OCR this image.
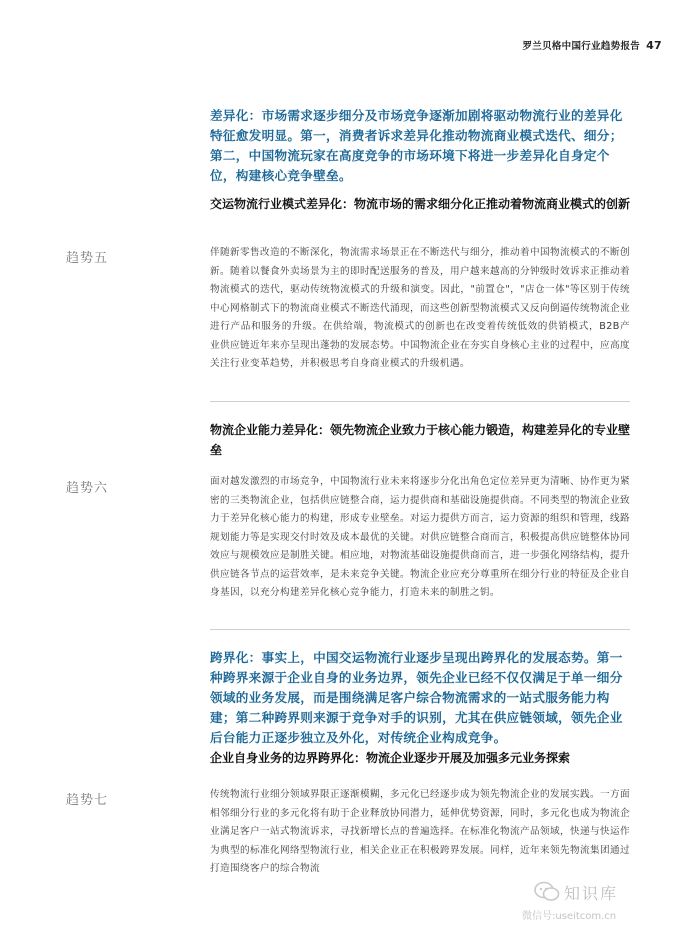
罗兰贝格中国行业趋势报告 47
差异化：市场需求逐步细分及市场竞争逐渐加剧将驱动物流行业的差异化特征愈发明显。第一，消费者诉求差异化推动物流商业模式迭代、细分；第二，中国物流玩家在高度竞争的市场环境下将进一步差异化自身定个位，构建核心竞争壁垒。
交运物流行业模式差异化：物流市场的需求细分化正推动着物流商业模式的创新
趋势五	伴随新零售改造的不断深化，物流需求场景正在不断迭代与细分，推动着中国物流模式的不断创新。随着以餐食外卖场景为主的即时配送服务的普及，用户越来越高的分钟级时效诉求正推动着物流模式的迭代，驱动传统物流模式的升级和演变。因此，"前置仓"，"店仓一体"等区别于传统中心网格制式下的物流商业模式不断迭代涌现，而这些创新型物流模式又反向倒逼传统物流企业进行产品和服务的升级。在供给端，物流模式的创新也在改变着传统低效的供销模式，B2B产业供应链近年来亦呈现出蓬勃的发展态势。中国物流企业在夯实自身核心主业的过程中，应高度关注行业变革趋势，并积极思考自身商业模式的升级机遇。
物流企业能力差异化：领先物流企业致力于核心能力锻造，构建差异化的专业壁垒
趋势六	面对越发激烈的市场竞争，中国物流行业未来将逐步分化出角色定位差异更为清晰、协作更为紧密的三类物流企业，包括供应链整合商，运力提供商和基础设施提供商。不同类型的物流企业致力于差异化核心能力的构建，形成专业壁垒。对运力提供方而言，运力资源的组织和管理，线路规划能力等是实现交付时效及成本最优的关键。对供应链整合商而言，积极提高供应链整体协同效应与规模效应是制胜关键。相应地，对物流基础设施提供商而言，进一步强化网络结构，提升供应链各节点的运营效率，是未来竞争关键。物流企业应充分尊重所在细分行业的特征及企业自身基因，以充分构建差异化核心竞争能力，打造未来的制胜之钥。
跨界化：事实上，中国交运物流行业逐步呈现出跨界化的发展态势。第一种跨界来源于企业自身的业务边界，领先企业已经不仅仅满足于单一细分领域的业务发展，而是围绕满足客户综合物流需求的一站式服务能力构建；第二种跨界则来源于竞争对手的识别，尤其在供应链领域，领先企业后台能力正逐步独立及外化，对传统企业构成竞争。
企业自身业务的边界跨界化：物流企业逐步开展及加强多元业务探索
趋势七	传统物流行业细分领域界限正逐渐模糊，多元化已经逐步成为领先物流企业的发展实践。一方面相邻细分行业的多元化将有助于企业释放协同潜力，延伸优势资源，同时，多元化也成为物流企业满足客户一站式物流诉求，寻找新增长点的普遍选择。在标准化物流产品领域，快递与快运作为典型的标准化网络型物流行业，相关企业正在积极跨界发展。同样，近年来领先物流集团通过打造围绕客户的综合物流
知识库
微信号:useitcom.cn
